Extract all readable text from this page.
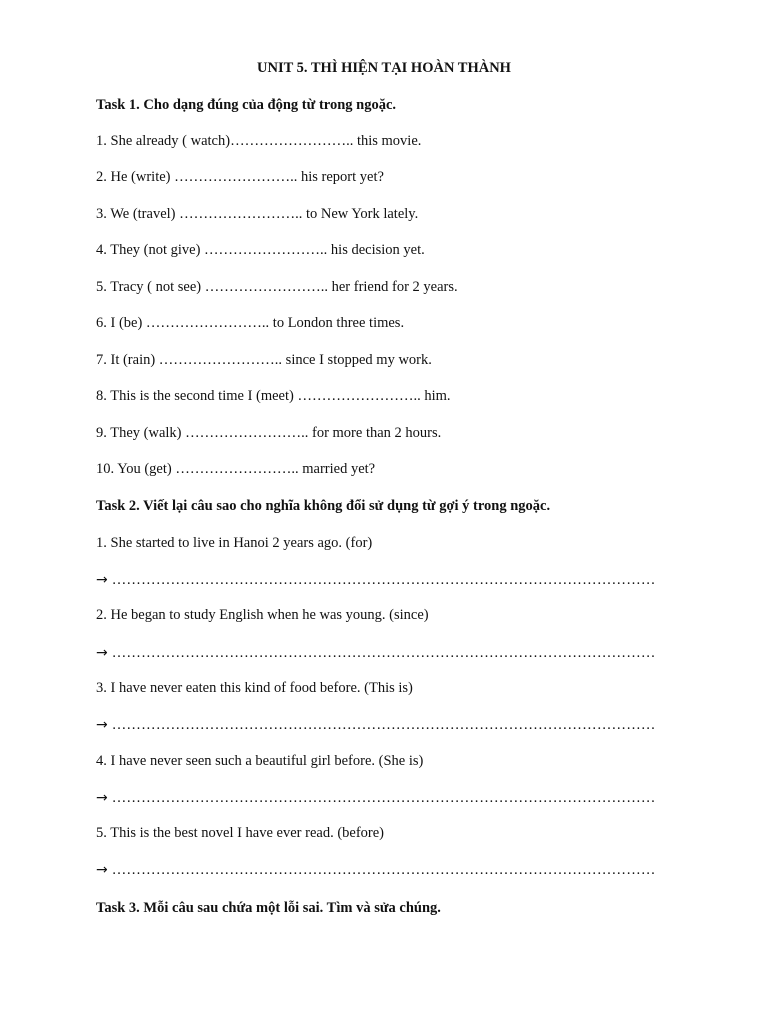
UNIT 5. THÌ HIỆN TẠI HOÀN THÀNH
Task 1. Cho dạng đúng của động từ trong ngoặc.
1. She already ( watch)…………………….. this movie.
2. He (write) …………………….. his report yet?
3. We (travel) …………………….. to New York lately.
4. They (not give) …………………….. his decision yet.
5. Tracy ( not see) …………………….. her friend for 2 years.
6. I (be) …………………….. to London three times.
7. It (rain) …………………….. since I stopped my work.
8. This is the second time I (meet) …………………….. him.
9. They (walk) …………………….. for more than 2 hours.
10. You (get) …………………….. married yet?
Task 2. Viết lại câu sao cho nghĩa không đổi sử dụng từ gợi ý trong ngoặc.
1. She started to live in Hanoi 2 years ago. (for)
→ …………………………………………………………………………………………………
2. He began to study English when he was young. (since)
→ …………………………………………………………………………………………………
3. I have never eaten this kind of food before. (This is)
→ …………………………………………………………………………………………………
4. I have never seen such a beautiful girl before. (She is)
→ …………………………………………………………………………………………………
5. This is the best novel I have ever read. (before)
→ …………………………………………………………………………………………………
Task 3. Mỗi câu sau chứa một lỗi sai. Tìm và sửa chúng.
